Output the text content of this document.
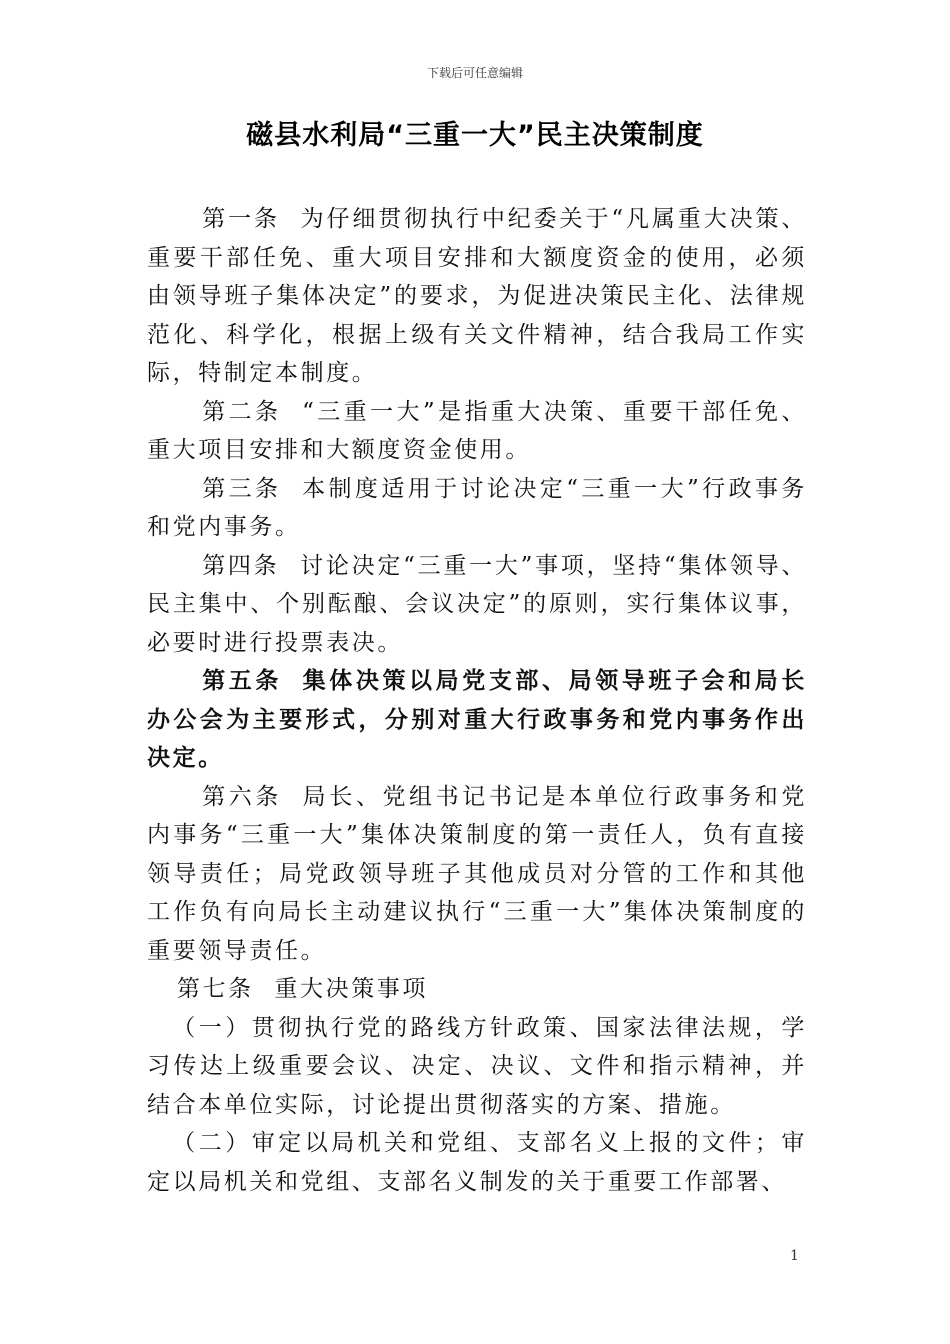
下载后可任意编辑
磁县水利局“三重一大”民主决策制度

第一条 为仔细贯彻执行中纪委关于“凡属重大决策、重要干部任免、重大项目安排和大额度资金的使用，必须由领导班子集体决定”的要求，为促进决策民主化、法律规范化、科学化，根据上级有关文件精神，结合我局工作实际，特制定本制度。

第二条 “三重一大”是指重大决策、重要干部任免、重大项目安排和大额度资金使用。

第三条 本制度适用于讨论决定“三重一大”行政事务和党内事务。

第四条 讨论决定“三重一大”事项，坚持“集体领导、民主集中、个别酝酿、会议决定”的原则，实行集体议事，必要时进行投票表决。

第五条 集体决策以局党支部、局领导班子会和局长办公会为主要形式，分别对重大行政事务和党内事务作出决定。

第六条 局长、党组书记书记是本单位行政事务和党内事务“三重一大”集体决策制度的第一责任人，负有直接领导责任；局党政领导班子其他成员对分管的工作和其他工作负有向局长主动建议执行“三重一大”集体决策制度的重要领导责任。

第七条 重大决策事项

（一）贯彻执行党的路线方针政策、国家法律法规，学习传达上级重要会议、决定、决议、文件和指示精神，并结合本单位实际，讨论提出贯彻落实的方案、措施。

（二）审定以局机关和党组、支部名义上报的文件；审定以局机关和党组、支部名义制发的关于重要工作部署、

1
